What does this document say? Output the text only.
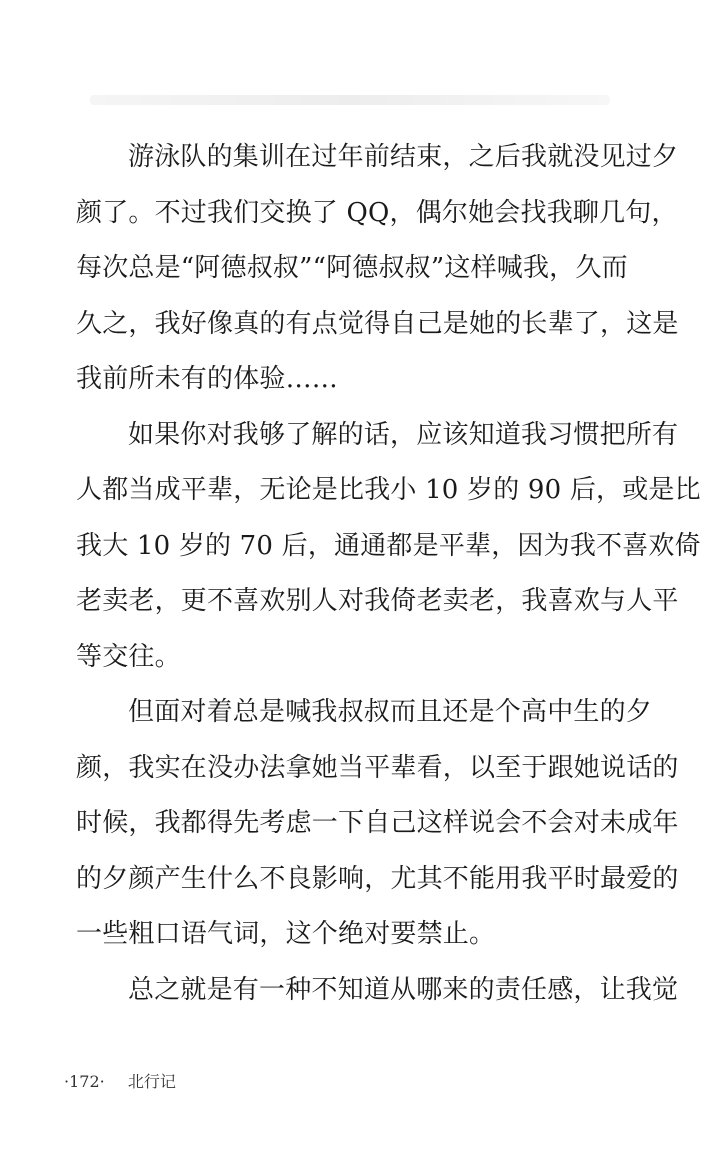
游泳队的集训在过年前结束，之后我就没见过夕
颜了。不过我们交换了 QQ，偶尔她会找我聊几句，
每次总是“阿德叔叔”“阿德叔叔”这样喊我，久而
久之，我好像真的有点觉得自己是她的长辈了，这是
我前所未有的体验……
如果你对我够了解的话，应该知道我习惯把所有
人都当成平辈，无论是比我小 10 岁的 90 后，或是比
我大 10 岁的 70 后，通通都是平辈，因为我不喜欢倚
老卖老，更不喜欢别人对我倚老卖老，我喜欢与人平
等交往。
但面对着总是喊我叔叔而且还是个高中生的夕
颜，我实在没办法拿她当平辈看，以至于跟她说话的
时候，我都得先考虑一下自己这样说会不会对未成年
的夕颜产生什么不良影响，尤其不能用我平时最爱的
一些粗口语气词，这个绝对要禁止。
总之就是有一种不知道从哪来的责任感，让我觉
·172· 北行记
